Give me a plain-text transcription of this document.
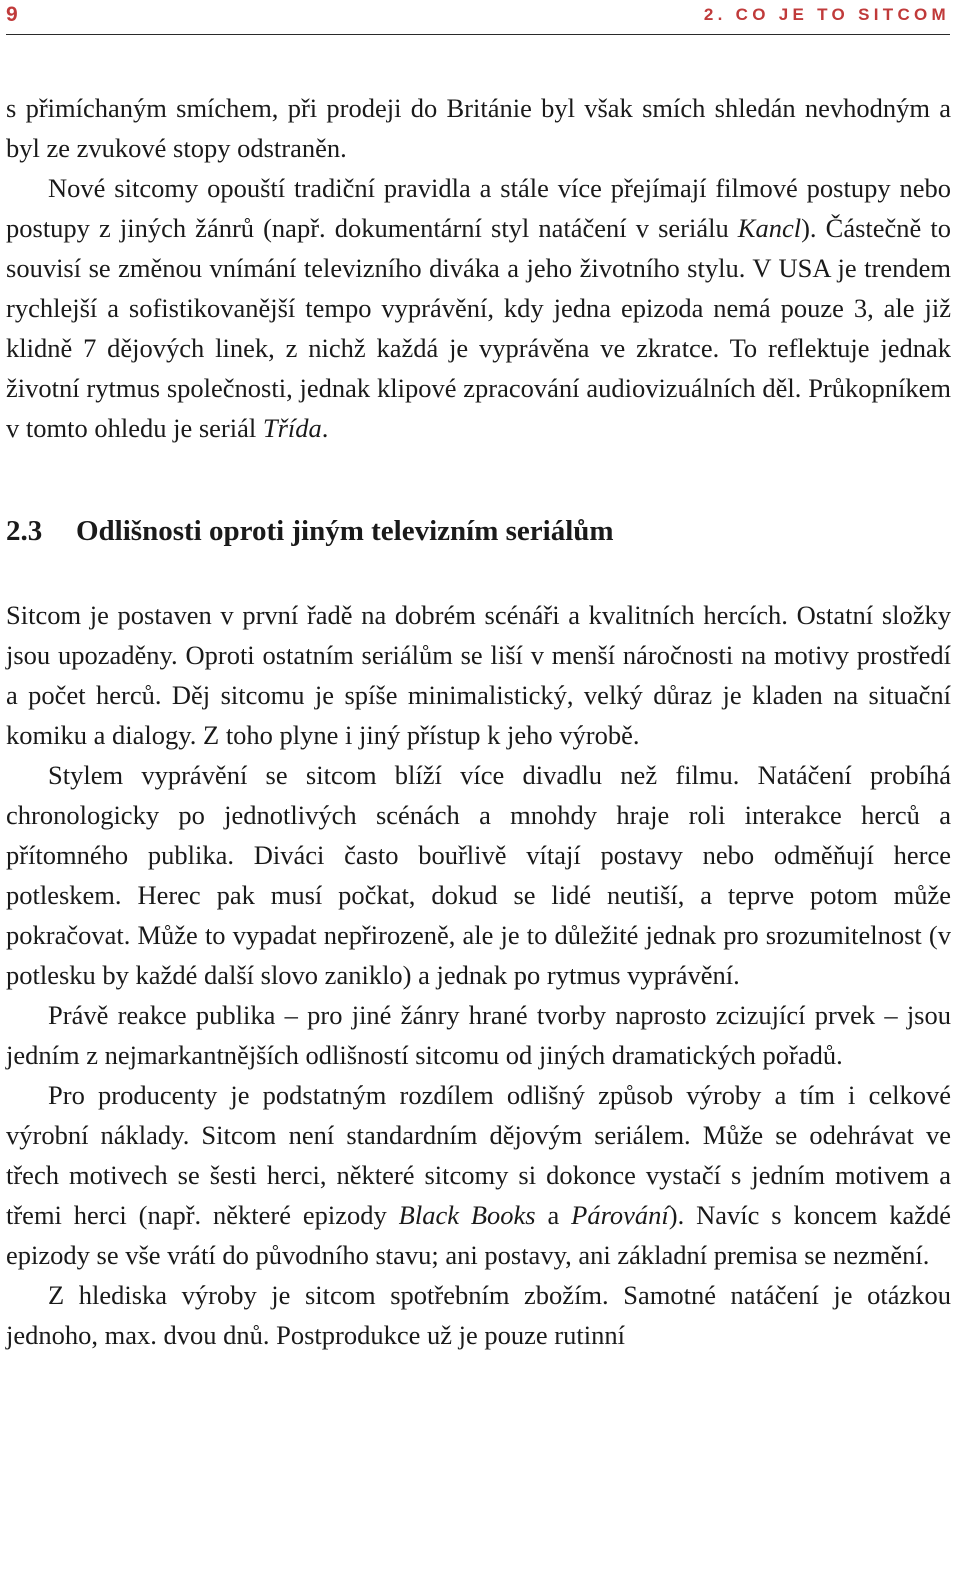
9	2. CO JE TO SITCOM

s přimíchaným smíchem, při prodeji do Británie byl však smích shledán nevhodným a byl ze zvukové stopy odstraněn.

Nové sitcomy opouští tradiční pravidla a stále více přejímají filmové postupy nebo postupy z jiných žánrů (např. dokumentární styl natáčení v seriálu Kancl). Částečně to souvisí se změnou vnímání televizního diváka a jeho životního stylu. V USA je trendem rychlejší a sofistikovanější tempo vyprávění, kdy jedna epizoda nemá pouze 3, ale již klidně 7 dějových linek, z nichž každá je vyprávěna ve zkratce. To reflektuje jednak životní rytmus společnosti, jednak klipové zpracování audiovizuálních děl. Průkopníkem v tomto ohledu je seriál Třída.

2.3 Odlišnosti oproti jiným televizním seriálům

Sitcom je postaven v první řadě na dobrém scénáři a kvalitních hercích. Ostatní složky jsou upozaděny. Oproti ostatním seriálům se liší v menší náročnosti na motivy prostředí a počet herců. Děj sitcomu je spíše minimalistický, velký důraz je kladen na situační komiku a dialogy. Z toho plyne i jiný přístup k jeho výrobě.

Stylem vyprávění se sitcom blíží více divadlu než filmu. Natáčení probíhá chronologicky po jednotlivých scénách a mnohdy hraje roli interakce herců a přítomného publika. Diváci často bouřlivě vítají postavy nebo odměňují herce potleskem. Herec pak musí počkat, dokud se lidé neutiší, a teprve potom může pokračovat. Může to vypadat nepřirozeně, ale je to důležité jednak pro srozumitelnost (v potlesku by každé další slovo zaniklo) a jednak po rytmus vyprávění.

Právě reakce publika – pro jiné žánry hrané tvorby naprosto zcizující prvek – jsou jedním z nejmarkantnějších odlišností sitcomu od jiných dramatických pořadů.

Pro producenty je podstatným rozdílem odlišný způsob výroby a tím i celkové výrobní náklady. Sitcom není standardním dějovým seriálem. Může se odehrávat ve třech motivech se šesti herci, některé sitcomy si dokonce vystačí s jedním motivem a třemi herci (např. některé epizody Black Books a Párování). Navíc s koncem každé epizody se vše vrátí do původního stavu; ani postavy, ani základní premisa se nezmění.

Z hlediska výroby je sitcom spotřebním zbožím. Samotné natáčení je otázkou jednoho, max. dvou dnů. Postprodukce už je pouze rutinní
